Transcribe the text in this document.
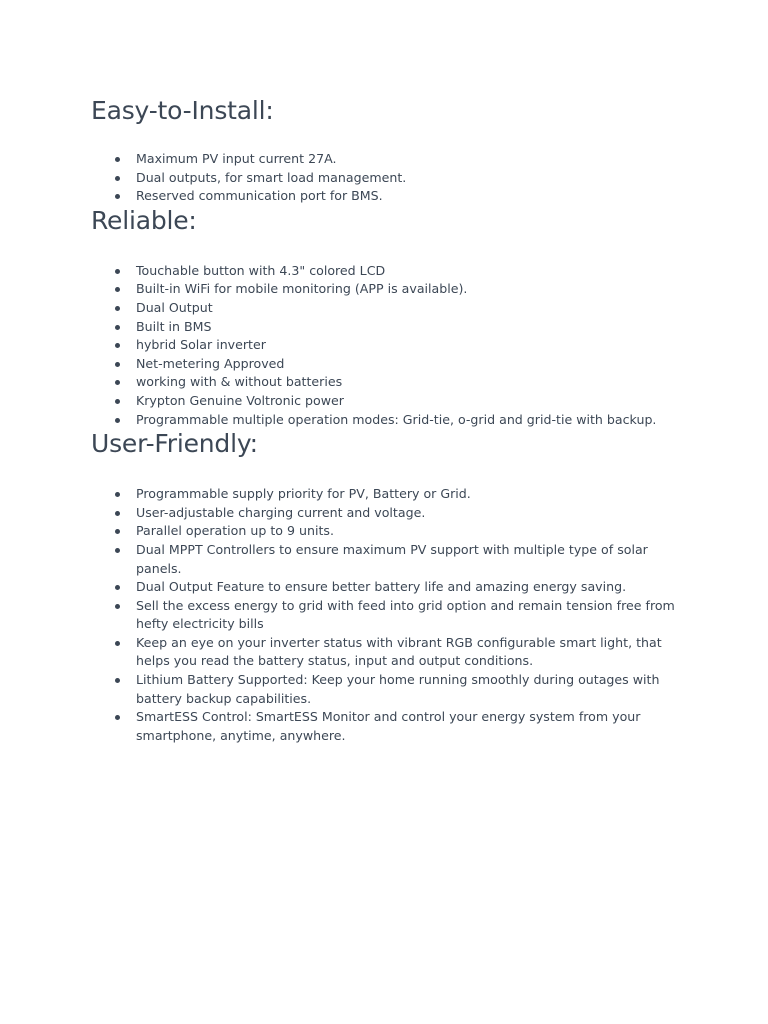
Easy-to-Install:
Maximum PV input current 27A.
Dual outputs, for smart load management.
Reserved communication port for BMS.
Reliable:
Touchable button with 4.3" colored LCD
Built-in WiFi for mobile monitoring (APP is available).
Dual Output
Built in BMS
hybrid Solar inverter
Net-metering Approved
working with & without batteries
Krypton Genuine Voltronic power
Programmable multiple operation modes: Grid-tie, o-grid and grid-tie with backup.
User-Friendly:
Programmable supply priority for PV, Battery or Grid.
User-adjustable charging current and voltage.
Parallel operation up to 9 units.
Dual MPPT Controllers to ensure maximum PV support with multiple type of solar panels.
Dual Output Feature to ensure better battery life and amazing energy saving.
Sell the excess energy to grid with feed into grid option and remain tension free from hefty electricity bills
Keep an eye on your inverter status with vibrant RGB configurable smart light, that helps you read the battery status, input and output conditions.
Lithium Battery Supported: Keep your home running smoothly during outages with battery backup capabilities.
SmartESS Control: SmartESS Monitor and control your energy system from your smartphone, anytime, anywhere.
